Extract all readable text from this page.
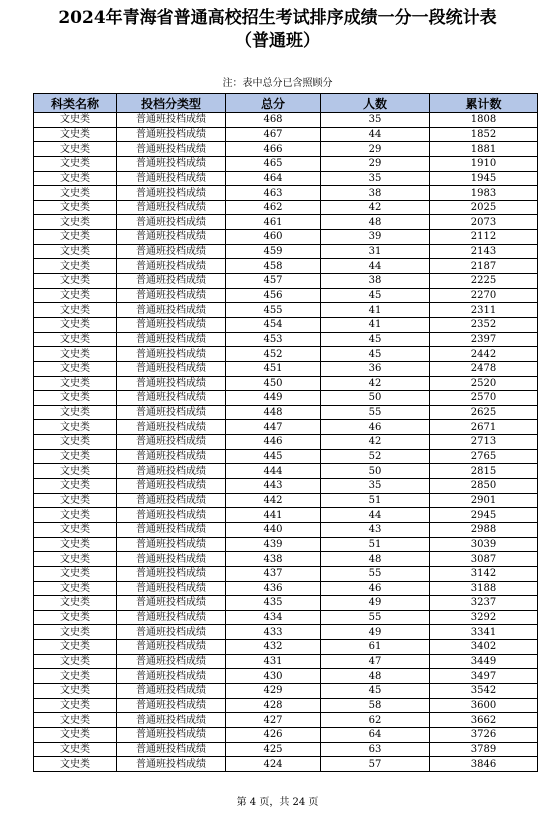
2024年青海省普通高校招生考试排序成绩一分一段统计表
（普通班）
注：表中总分已含照顾分
科类名称	投档分类型	总分	人数	累计数
文史类	普通班投档成绩	468	35	1808
文史类	普通班投档成绩	467	44	1852
文史类	普通班投档成绩	466	29	1881
文史类	普通班投档成绩	465	29	1910
文史类	普通班投档成绩	464	35	1945
文史类	普通班投档成绩	463	38	1983
文史类	普通班投档成绩	462	42	2025
文史类	普通班投档成绩	461	48	2073
文史类	普通班投档成绩	460	39	2112
文史类	普通班投档成绩	459	31	2143
文史类	普通班投档成绩	458	44	2187
文史类	普通班投档成绩	457	38	2225
文史类	普通班投档成绩	456	45	2270
文史类	普通班投档成绩	455	41	2311
文史类	普通班投档成绩	454	41	2352
文史类	普通班投档成绩	453	45	2397
文史类	普通班投档成绩	452	45	2442
文史类	普通班投档成绩	451	36	2478
文史类	普通班投档成绩	450	42	2520
文史类	普通班投档成绩	449	50	2570
文史类	普通班投档成绩	448	55	2625
文史类	普通班投档成绩	447	46	2671
文史类	普通班投档成绩	446	42	2713
文史类	普通班投档成绩	445	52	2765
文史类	普通班投档成绩	444	50	2815
文史类	普通班投档成绩	443	35	2850
文史类	普通班投档成绩	442	51	2901
文史类	普通班投档成绩	441	44	2945
文史类	普通班投档成绩	440	43	2988
文史类	普通班投档成绩	439	51	3039
文史类	普通班投档成绩	438	48	3087
文史类	普通班投档成绩	437	55	3142
文史类	普通班投档成绩	436	46	3188
文史类	普通班投档成绩	435	49	3237
文史类	普通班投档成绩	434	55	3292
文史类	普通班投档成绩	433	49	3341
文史类	普通班投档成绩	432	61	3402
文史类	普通班投档成绩	431	47	3449
文史类	普通班投档成绩	430	48	3497
文史类	普通班投档成绩	429	45	3542
文史类	普通班投档成绩	428	58	3600
文史类	普通班投档成绩	427	62	3662
文史类	普通班投档成绩	426	64	3726
文史类	普通班投档成绩	425	63	3789
文史类	普通班投档成绩	424	57	3846
第 4 页，共 24 页
